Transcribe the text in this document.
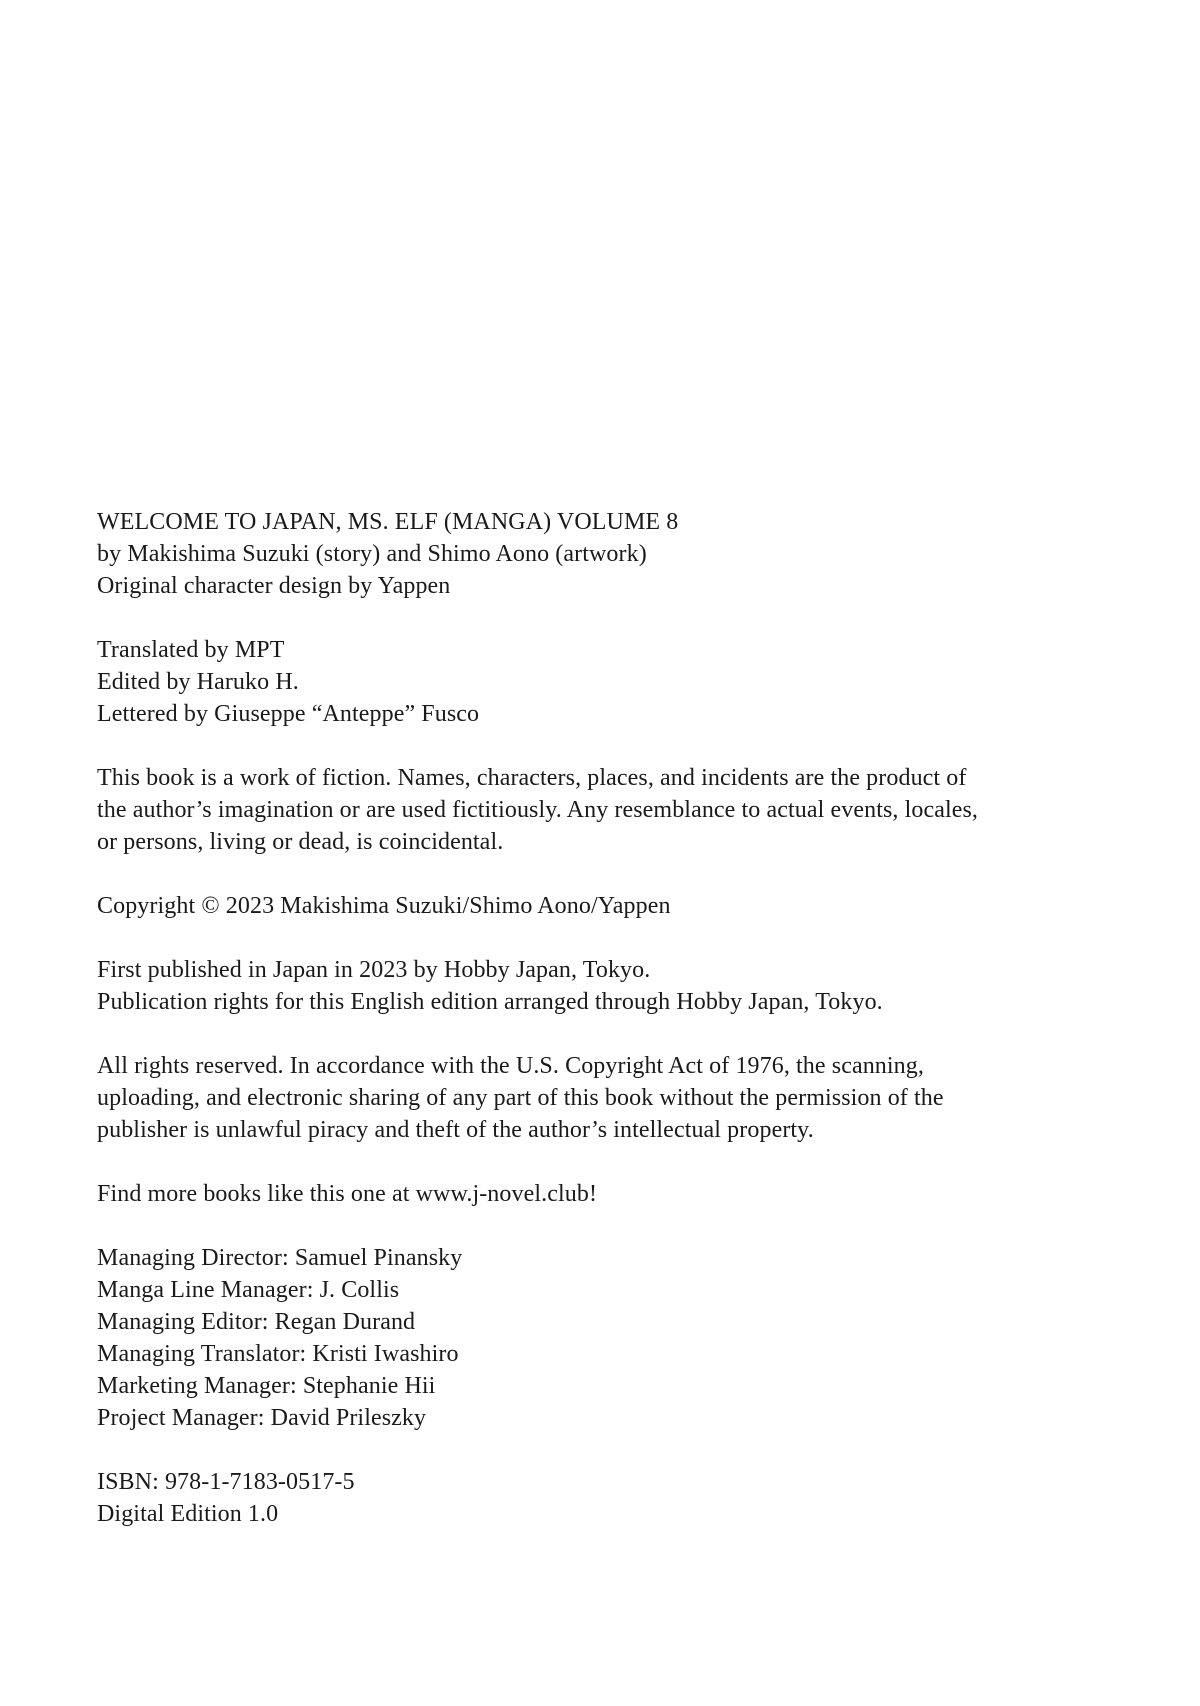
WELCOME TO JAPAN, MS. ELF (MANGA) VOLUME 8
by Makishima Suzuki (story) and Shimo Aono (artwork)
Original character design by Yappen
Translated by MPT
Edited by Haruko H.
Lettered by Giuseppe “Anteppe” Fusco
This book is a work of fiction. Names, characters, places, and incidents are the product of
the author’s imagination or are used fictitiously. Any resemblance to actual events, locales,
or persons, living or dead, is coincidental.
Copyright © 2023 Makishima Suzuki/Shimo Aono/Yappen
First published in Japan in 2023 by Hobby Japan, Tokyo.
Publication rights for this English edition arranged through Hobby Japan, Tokyo.
All rights reserved. In accordance with the U.S. Copyright Act of 1976, the scanning,
uploading, and electronic sharing of any part of this book without the permission of the
publisher is unlawful piracy and theft of the author’s intellectual property.
Find more books like this one at www.j-novel.club!
Managing Director: Samuel Pinansky
Manga Line Manager: J. Collis
Managing Editor: Regan Durand
Managing Translator: Kristi Iwashiro
Marketing Manager: Stephanie Hii
Project Manager: David Prileszky
ISBN: 978-1-7183-0517-5
Digital Edition 1.0
